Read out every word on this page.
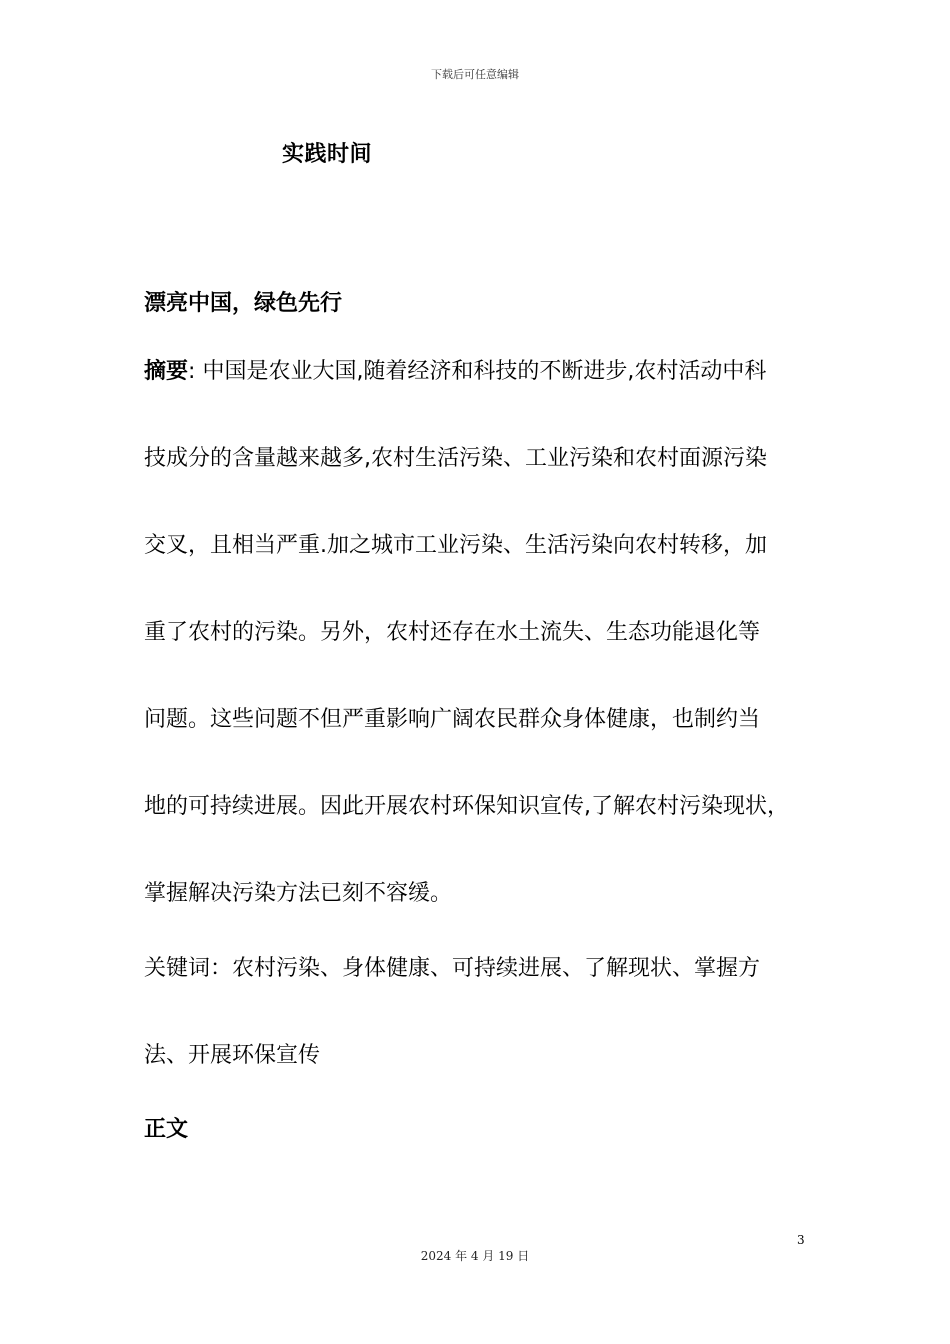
下载后可任意编辑
实践时间
漂亮中国，绿色先行
摘要: 中国是农业大国,随着经济和科技的不断进步,农村活动中科
技成分的含量越来越多,农村生活污染、工业污染和农村面源污染
交叉，且相当严重.加之城市工业污染、生活污染向农村转移，加
重了农村的污染。另外，农村还存在水土流失、生态功能退化等
问题。这些问题不但严重影响广阔农民群众身体健康，也制约当
地的可持续进展。因此开展农村环保知识宣传,了解农村污染现状，
掌握解决污染方法已刻不容缓。
关键词：农村污染、身体健康、可持续进展、了解现状、掌握方
法、开展环保宣传
正文
3
2024 年 4 月 19 日
